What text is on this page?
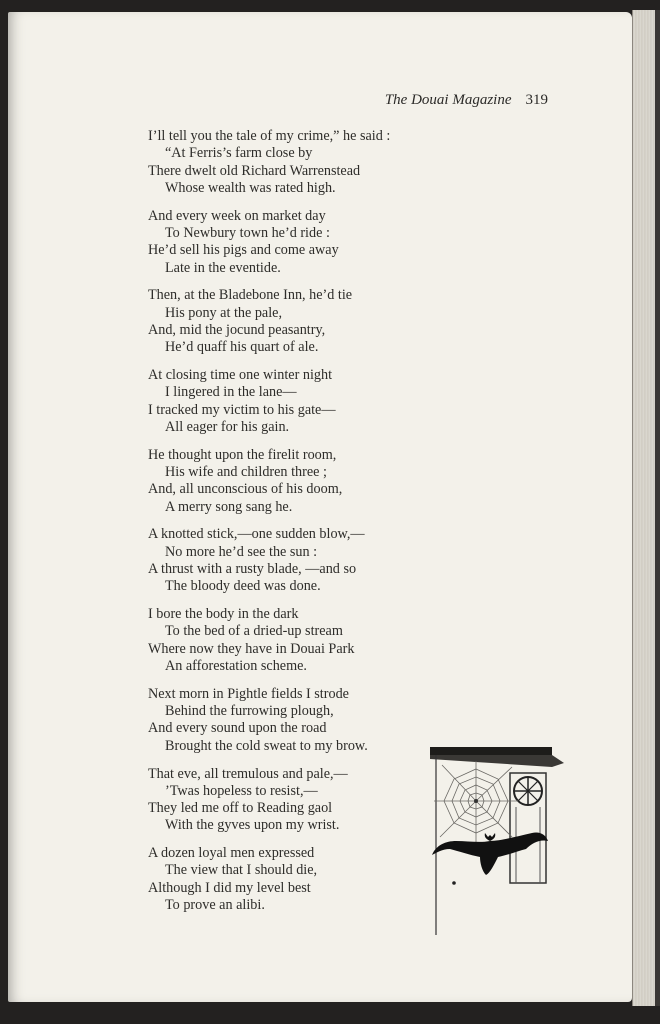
The Douai Magazine 319
I’ll tell you the tale of my crime,” he said :
“At Ferris’s farm close by
There dwelt old Richard Warrenstead
Whose wealth was rated high.
And every week on market day
To Newbury town he’d ride :
He’d sell his pigs and come away
Late in the eventide.
Then, at the Bladebone Inn, he’d tie
His pony at the pale,
And, mid the jocund peasantry,
He’d quaff his quart of ale.
At closing time one winter night
I lingered in the lane—
I tracked my victim to his gate—
All eager for his gain.
He thought upon the firelit room,
His wife and children three ;
And, all unconscious of his doom,
A merry song sang he.
A knotted stick,—one sudden blow,—
No more he’d see the sun :
A thrust with a rusty blade, —and so
The bloody deed was done.
I bore the body in the dark
To the bed of a dried-up stream
Where now they have in Douai Park
An afforestation scheme.
Next morn in Pightle fields I strode
Behind the furrowing plough,
And every sound upon the road
Brought the cold sweat to my brow.
That eve, all tremulous and pale,—
’Twas hopeless to resist,—
They led me off to Reading gaol
With the gyves upon my wrist.
A dozen loyal men expressed
The view that I should die,
Although I did my level best
To prove an alibi.
